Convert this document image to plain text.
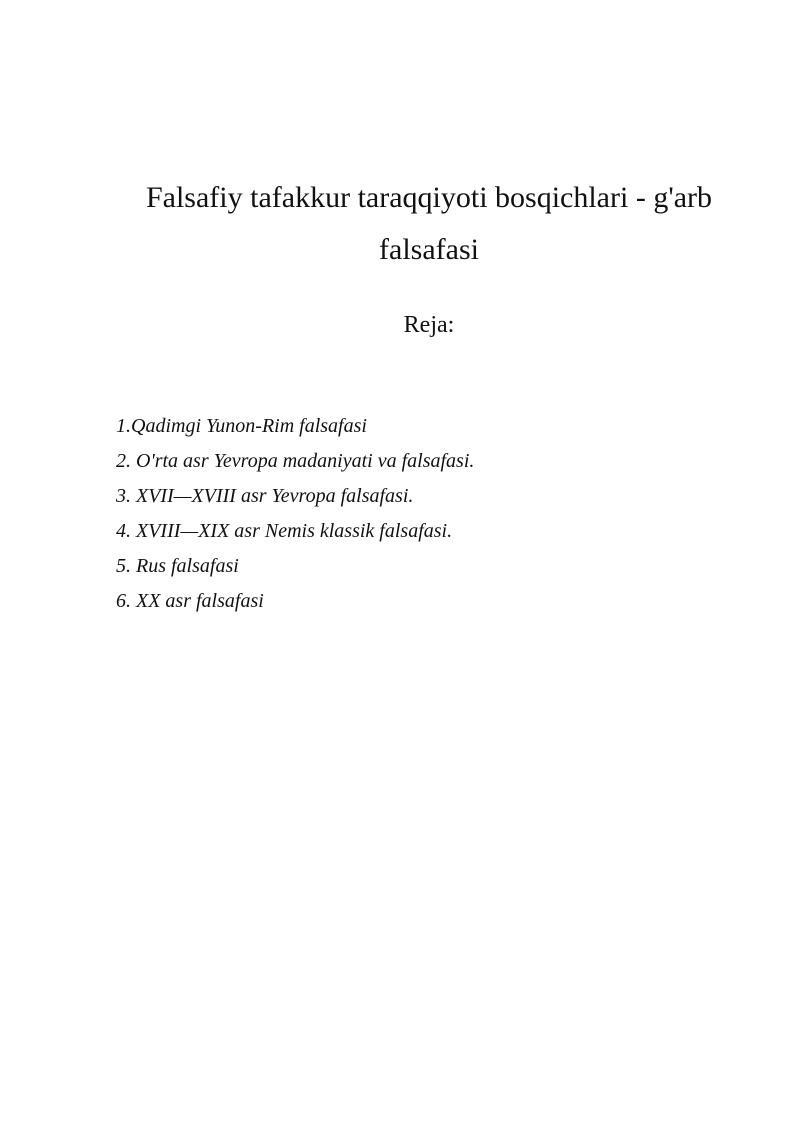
Falsafiy tafakkur taraqqiyoti bosqichlari - g'arb falsafasi

Reja:

1.Qadimgi Yunon-Rim falsafasi
2. O'rta asr Yevropa madaniyati va falsafasi.
3. XVII—XVIII asr Yevropa falsafasi.
4. XVIII—XIX asr Nemis klassik falsafasi.
5. Rus falsafasi
6. XX asr falsafasi
